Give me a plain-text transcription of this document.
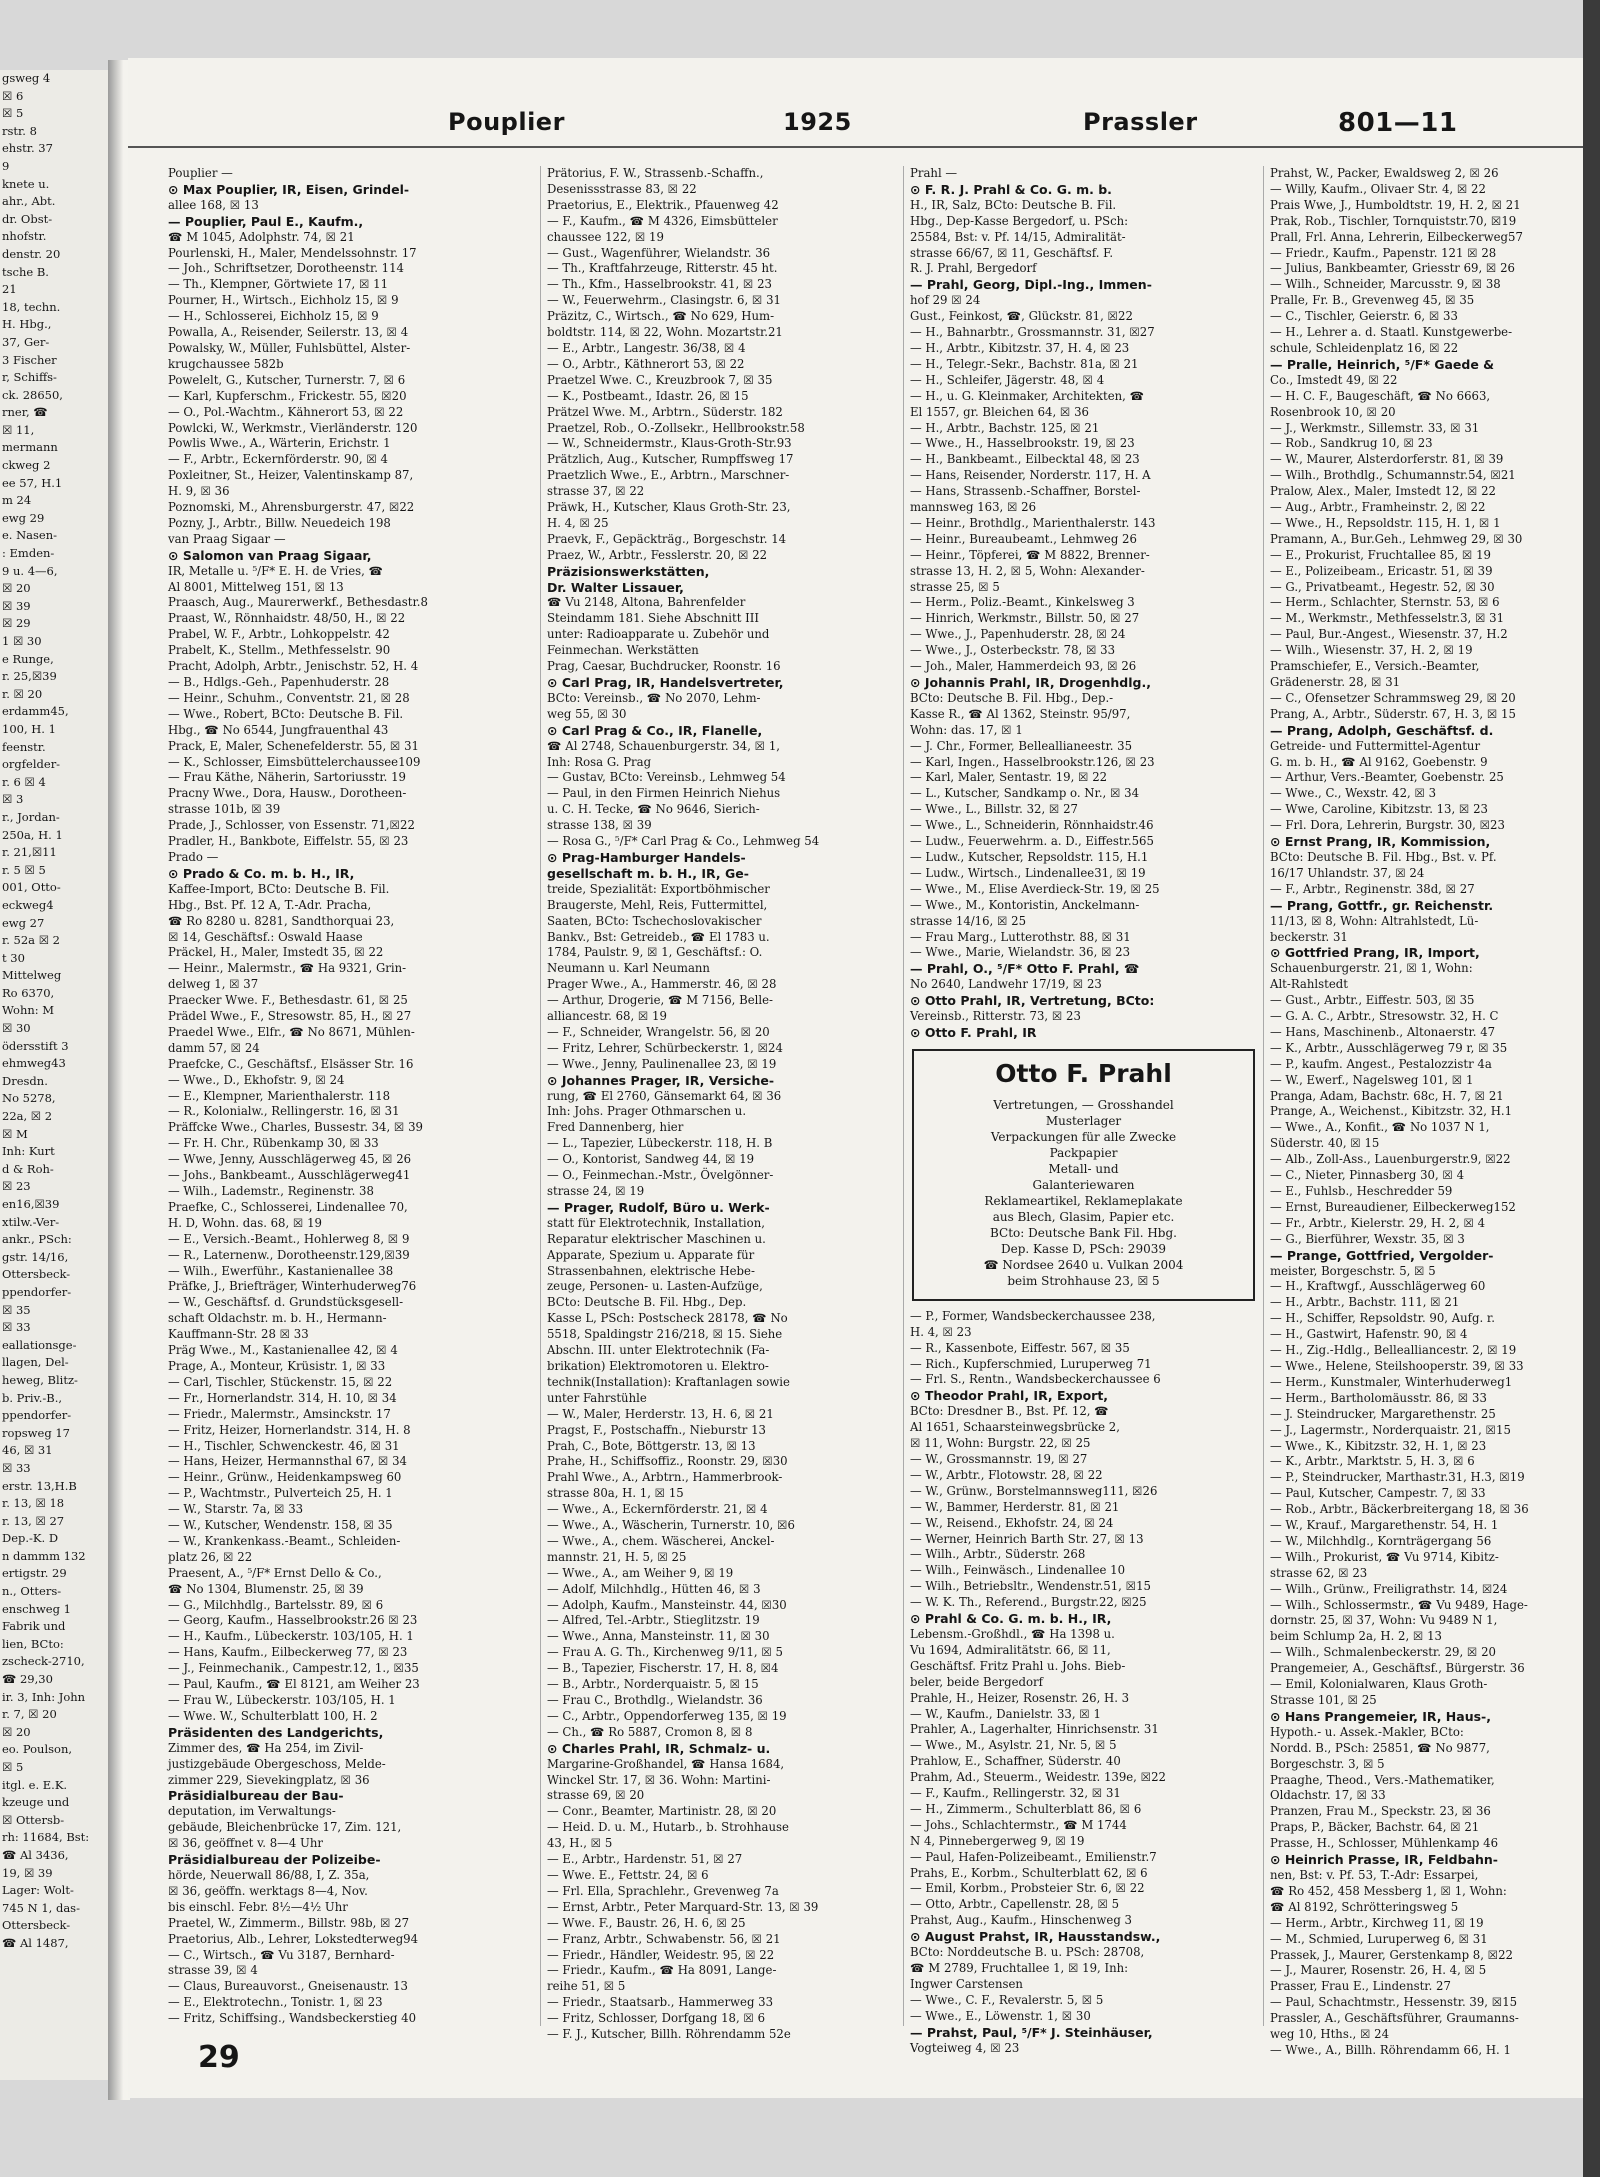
gsweg 4
☒ 6
☒ 5
rstr. 8
ehstr. 37
9
knete u.
ahr., Abt.
dr. Obst-
nhofstr.
denstr. 20
tsche B.
21
18, techn.
H. Hbg.,
37, Ger-
3 Fischer
r, Schiffs-
ck. 28650,
rner, ☎
☒ 11,
mermann
ckweg 2
ee 57, H.1
m 24
ewg 29
e. Nasen-
: Emden-
9 u. 4—6,
☒ 20
☒ 39
☒ 29
1 ☒ 30
e Runge,
r. 25,☒39
r. ☒ 20
erdamm45,
100, H. 1
feenstr.
orgfelder-
r. 6 ☒ 4
☒ 3
r., Jordan-
250a, H. 1
r. 21,☒11
r. 5 ☒ 5
001, Otto-
eckweg4
ewg 27
r. 52a ☒ 2
t 30
Mittelweg
Ro 6370,
Wohn: M
☒ 30
ödersstift 3
ehmweg43
Dresdn.
No 5278,
22a, ☒ 2
☒ M
Inh: Kurt
d & Roh-
☒ 23
en16,☒39
xtilw.-Ver-
ankr., PSch:
gstr. 14/16,
Ottersbeck-
ppendorfer-
☒ 35
☒ 33
eallationsge-
llagen, Del-
heweg, Blitz-
b. Priv.-B.,
ppendorfer-
ropsweg 17
46, ☒ 31
☒ 33
erstr. 13,H.B
r. 13, ☒ 18
r. 13, ☒ 27
Dep.-K. D
n dammm 132
ertigstr. 29
n., Otters-
enschweg 1
Fabrik und
lien, BCto:
zscheck-2710,
☎ 29,30
ir. 3, Inh: John
r. 7, ☒ 20
☒ 20
eo. Poulson,
☒ 5
itgl. e. E.K.
kzeuge und
☒ Ottersb-
rh: 11684, Bst:
☎ Al 3436,
19, ☒ 39
Lager: Wolt-
745 N 1, das-
Ottersbeck-
☎ Al 1487,
Pouplier	1925	Prassler	801—11
Pouplier —
⊙ Max Pouplier, IR, Eisen, Grindel-
allee 168, ☒ 13
— Pouplier, Paul E., Kaufm.,
☎ M 1045, Adolphstr. 74, ☒ 21
Pourlenski, H., Maler, Mendelssohnstr. 17
— Joh., Schriftsetzer, Dorotheenstr. 114
— Th., Klempner, Görtwiete 17, ☒ 11
Pourner, H., Wirtsch., Eichholz 15, ☒ 9
— H., Schlosserei, Eichholz 15, ☒ 9
Powalla, A., Reisender, Seilerstr. 13, ☒ 4
Powalsky, W., Müller, Fuhlsbüttel, Alster-
krugchaussee 582b
Powelelt, G., Kutscher, Turnerstr. 7, ☒ 6
— Karl, Kupferschm., Frickestr. 55, ☒20
— O., Pol.-Wachtm., Kähnerort 53, ☒ 22
Powlcki, W., Werkmstr., Vierländerstr. 120
Powlis Wwe., A., Wärterin, Erichstr. 1
— F., Arbtr., Eckernförderstr. 90, ☒ 4
Poxleitner, St., Heizer, Valentinskamp 87,
H. 9, ☒ 36
Poznomski, M., Ahrensburgerstr. 47, ☒22
Pozny, J., Arbtr., Billw. Neuedeich 198
van Praag Sigaar —
⊙ Salomon van Praag Sigaar,
IR, Metalle u. ⁵/F* E. H. de Vries, ☎
Al 8001, Mittelweg 151, ☒ 13
Praasch, Aug., Maurerwerkf., Bethesdastr.8
Praast, W., Rönnhaidstr. 48/50, H., ☒ 22
Prabel, W. F., Arbtr., Lohkoppelstr. 42
Prabelt, K., Stellm., Methfesselstr. 90
Pracht, Adolph, Arbtr., Jenischstr. 52, H. 4
— B., Hdlgs.-Geh., Papenhuderstr. 28
— Heinr., Schuhm., Conventstr. 21, ☒ 28
— Wwe., Robert, BCto: Deutsche B. Fil.
Hbg., ☎ No 6544, Jungfrauenthal 43
Prack, E, Maler, Schenefelderstr. 55, ☒ 31
— K., Schlosser, Eimsbüttelerchaussee109
— Frau Käthe, Näherin, Sartoriusstr. 19
Pracny Wwe., Dora, Hausw., Dorotheen-
strasse 101b, ☒ 39
Prade, J., Schlosser, von Essenstr. 71,☒22
Pradler, H., Bankbote, Eiffelstr. 55, ☒ 23
Prado —
⊙ Prado & Co. m. b. H., IR,
Kaffee-Import, BCto: Deutsche B. Fil.
Hbg., Bst. Pf. 12 A, T.-Adr. Pracha,
☎ Ro 8280 u. 8281, Sandthorquai 23,
☒ 14, Geschäftsf.: Oswald Haase
Präckel, H., Maler, Imstedt 35, ☒ 22
— Heinr., Malermstr., ☎ Ha 9321, Grin-
delweg 1, ☒ 37
Praecker Wwe. F., Bethesdastr. 61, ☒ 25
Prädel Wwe., F., Stresowstr. 85, H., ☒ 27
Praedel Wwe., Elfr., ☎ No 8671, Mühlen-
damm 57, ☒ 24
Praefcke, C., Geschäftsf., Elsässer Str. 16
— Wwe., D., Ekhofstr. 9, ☒ 24
— E., Klempner, Marienthalerstr. 118
— R., Kolonialw., Rellingerstr. 16, ☒ 31
Präffcke Wwe., Charles, Bussestr. 34, ☒ 39
— Fr. H. Chr., Rübenkamp 30, ☒ 33
— Wwe, Jenny, Ausschlägerweg 45, ☒ 26
— Johs., Bankbeamt., Ausschlägerweg41
— Wilh., Lademstr., Reginenstr. 38
Praefke, C., Schlosserei, Lindenallee 70,
H. D, Wohn. das. 68, ☒ 19
— E., Versich.-Beamt., Hohlerweg 8, ☒ 9
— R., Laternenw., Dorotheenstr.129,☒39
— Wilh., Ewerführ., Kastanienallee 38
Präfke, J., Briefträger, Winterhuderweg76
— W., Geschäftsf. d. Grundstücksgesell-
schaft Oldachstr. m. b. H., Hermann-
Kauffmann-Str. 28 ☒ 33
Präg Wwe., M., Kastanienallee 42, ☒ 4
Prage, A., Monteur, Krüsistr. 1, ☒ 33
— Carl, Tischler, Stückenstr. 15, ☒ 22
— Fr., Hornerlandstr. 314, H. 10, ☒ 34
— Friedr., Malermstr., Amsinckstr. 17
— Fritz, Heizer, Hornerlandstr. 314, H. 8
— H., Tischler, Schwenckestr. 46, ☒ 31
— Hans, Heizer, Hermannsthal 67, ☒ 34
— Heinr., Grünw., Heidenkampsweg 60
— P., Wachtmstr., Pulverteich 25, H. 1
— W., Starstr. 7a, ☒ 33
— W., Kutscher, Wendenstr. 158, ☒ 35
— W., Krankenkass.-Beamt., Schleiden-
platz 26, ☒ 22
Praesent, A., ⁵/F* Ernst Dello & Co.,
☎ No 1304, Blumenstr. 25, ☒ 39
— G., Milchhdlg., Bartelsstr. 89, ☒ 6
— Georg, Kaufm., Hasselbrookstr.26 ☒ 23
— H., Kaufm., Lübeckerstr. 103/105, H. 1
— Hans, Kaufm., Eilbeckerweg 77, ☒ 23
— J., Feinmechanik., Campestr.12, 1., ☒35
— Paul, Kaufm., ☎ El 8121, am Weiher 23
— Frau W., Lübeckerstr. 103/105, H. 1
— Wwe. W., Schulterblatt 100, H. 2
Präsidenten des Landgerichts,
Zimmer des, ☎ Ha 254, im Zivil-
justizgebäude Obergeschoss, Melde-
zimmer 229, Sievekingplatz, ☒ 36
Präsidialbureau der Bau-
deputation, im Verwaltungs-
gebäude, Bleichenbrücke 17, Zim. 121,
☒ 36, geöffnet v. 8—4 Uhr
Präsidialbureau der Polizeibe-
hörde, Neuerwall 86/88, I, Z. 35a,
☒ 36, geöffn. werktags 8—4, Nov.
bis einschl. Febr. 8½—4½ Uhr
Praetel, W., Zimmerm., Billstr. 98b, ☒ 27
Praetorius, Alb., Lehrer, Lokstedterweg94
— C., Wirtsch., ☎ Vu 3187, Bernhard-
strasse 39, ☒ 4
— Claus, Bureauvorst., Gneisenaustr. 13
— E., Elektrotechn., Tonistr. 1, ☒ 23
— Fritz, Schiffsing., Wandsbeckerstieg 40
Prätorius, F. W., Strassenb.-Schaffn.,
Desenissstrasse 83, ☒ 22
Praetorius, E., Elektrik., Pfauenweg 42
— F., Kaufm., ☎ M 4326, Eimsbütteler
chaussee 122, ☒ 19
— Gust., Wagenführer, Wielandstr. 36
— Th., Kraftfahrzeuge, Ritterstr. 45 ht.
— Th., Kfm., Hasselbrookstr. 41, ☒ 23
— W., Feuerwehrm., Clasingstr. 6, ☒ 31
Präzitz, C., Wirtsch., ☎ No 629, Hum-
boldtstr. 114, ☒ 22, Wohn. Mozartstr.21
— E., Arbtr., Langestr. 36/38, ☒ 4
— O., Arbtr., Käthnerort 53, ☒ 22
Praetzel Wwe. C., Kreuzbrook 7, ☒ 35
— K., Postbeamt., Idastr. 26, ☒ 15
Prätzel Wwe. M., Arbtrn., Süderstr. 182
Praetzel, Rob., O.-Zollsekr., Hellbrookstr.58
— W., Schneidermstr., Klaus-Groth-Str.93
Prätzlich, Aug., Kutscher, Rumpffsweg 17
Praetzlich Wwe., E., Arbtrn., Marschner-
strasse 37, ☒ 22
Präwk, H., Kutscher, Klaus Groth-Str. 23,
H. 4, ☒ 25
Praevk, F., Gepäckträg., Borgeschstr. 14
Praez, W., Arbtr., Fesslerstr. 20, ☒ 22
Präzisionswerkstätten,
Dr. Walter Lissauer,
☎ Vu 2148, Altona, Bahrenfelder
Steindamm 181. Siehe Abschnitt III
unter: Radioapparate u. Zubehör und
Feinmechan. Werkstätten
Prag, Caesar, Buchdrucker, Roonstr. 16
⊙ Carl Prag, IR, Handelsvertreter,
BCto: Vereinsb., ☎ No 2070, Lehm-
weg 55, ☒ 30
⊙ Carl Prag & Co., IR, Flanelle,
☎ Al 2748, Schauenburgerstr. 34, ☒ 1,
Inh: Rosa G. Prag
— Gustav, BCto: Vereinsb., Lehmweg 54
— Paul, in den Firmen Heinrich Niehus
u. C. H. Tecke, ☎ No 9646, Sierich-
strasse 138, ☒ 39
— Rosa G., ⁵/F* Carl Prag & Co., Lehmweg 54
⊙ Prag-Hamburger Handels-
gesellschaft m. b. H., IR, Ge-
treide, Spezialität: Exportböhmischer
Braugerste, Mehl, Reis, Futtermittel,
Saaten, BCto: Tschechoslovakischer
Bankv., Bst: Getreideb., ☎ El 1783 u.
1784, Paulstr. 9, ☒ 1, Geschäftsf.: O.
Neumann u. Karl Neumann
Prager Wwe., A., Hammerstr. 46, ☒ 28
— Arthur, Drogerie, ☎ M 7156, Belle-
alliancestr. 68, ☒ 19
— F., Schneider, Wrangelstr. 56, ☒ 20
— Fritz, Lehrer, Schürbeckerstr. 1, ☒24
— Wwe., Jenny, Paulinenallee 23, ☒ 19
⊙ Johannes Prager, IR, Versiche-
rung, ☎ El 2760, Gänsemarkt 64, ☒ 36
Inh: Johs. Prager Othmarschen u.
Fred Dannenberg, hier
— L., Tapezier, Lübeckerstr. 118, H. B
— O., Kontorist, Sandweg 44, ☒ 19
— O., Feinmechan.-Mstr., Övelgönner-
strasse 24, ☒ 19
— Prager, Rudolf, Büro u. Werk-
statt für Elektrotechnik, Installation,
Reparatur elektrischer Maschinen u.
Apparate, Spezium u. Apparate für
Strassenbahnen, elektrische Hebe-
zeuge, Personen- u. Lasten-Aufzüge,
BCto: Deutsche B. Fil. Hbg., Dep.
Kasse L, PSch: Postscheck 28178, ☎ No
5518, Spaldingstr 216/218, ☒ 15. Siehe
Abschn. III. unter Elektrotechnik (Fa-
brikation) Elektromotoren u. Elektro-
technik(Installation): Kraftanlagen sowie
unter Fahrstühle
— W., Maler, Herderstr. 13, H. 6, ☒ 21
Pragst, F., Postschaffn., Nieburstr 13
Prah, C., Bote, Böttgerstr. 13, ☒ 13
Prahe, H., Schiffsoffiz., Roonstr. 29, ☒30
Prahl Wwe., A., Arbtrn., Hammerbrook-
strasse 80a, H. 1, ☒ 15
— Wwe., A., Eckernförderstr. 21, ☒ 4
— Wwe., A., Wäscherin, Turnerstr. 10, ☒6
— Wwe., A., chem. Wäscherei, Anckel-
mannstr. 21, H. 5, ☒ 25
— Wwe., A., am Weiher 9, ☒ 19
— Adolf, Milchhdlg., Hütten 46, ☒ 3
— Adolph, Kaufm., Mansteinstr. 44, ☒30
— Alfred, Tel.-Arbtr., Stieglitzstr. 19
— Wwe., Anna, Mansteinstr. 11, ☒ 30
— Frau A. G. Th., Kirchenweg 9/11, ☒ 5
— B., Tapezier, Fischerstr. 17, H. 8, ☒4
— B., Arbtr., Norderquaistr. 5, ☒ 15
— Frau C., Brothdlg., Wielandstr. 36
— C., Arbtr., Oppendorferweg 135, ☒ 19
— Ch., ☎ Ro 5887, Cromon 8, ☒ 8
⊙ Charles Prahl, IR, Schmalz- u.
Margarine-Großhandel, ☎ Hansa 1684,
Winckel Str. 17, ☒ 36. Wohn: Martini-
strasse 69, ☒ 20
— Conr., Beamter, Martinistr. 28, ☒ 20
— Heid. D. u. M., Hutarb., b. Strohhause
43, H., ☒ 5
— E., Arbtr., Hardenstr. 51, ☒ 27
— Wwe. E., Fettstr. 24, ☒ 6
— Frl. Ella, Sprachlehr., Grevenweg 7a
— Ernst, Arbtr., Peter Marquard-Str. 13, ☒ 39
— Wwe. F., Baustr. 26, H. 6, ☒ 25
— Franz, Arbtr., Schwabenstr. 56, ☒ 21
— Friedr., Händler, Weidestr. 95, ☒ 22
— Friedr., Kaufm., ☎ Ha 8091, Lange-
reihe 51, ☒ 5
— Friedr., Staatsarb., Hammerweg 33
— Fritz, Schlosser, Dorfgang 18, ☒ 6
— F. J., Kutscher, Billh. Röhrendamm 52e
Prahl —
⊙ F. R. J. Prahl & Co. G. m. b.
H., IR, Salz, BCto: Deutsche B. Fil.
Hbg., Dep-Kasse Bergedorf, u. PSch:
25584, Bst: v. Pf. 14/15, Admiralität-
strasse 66/67, ☒ 11, Geschäftsf. F.
R. J. Prahl, Bergedorf
— Prahl, Georg, Dipl.-Ing., Immen-
hof 29 ☒ 24
Gust., Feinkost, ☎, Glückstr. 81, ☒22
— H., Bahnarbtr., Grossmannstr. 31, ☒27
— H., Arbtr., Kibitzstr. 37, H. 4, ☒ 23
— H., Telegr.-Sekr., Bachstr. 81a, ☒ 21
— H., Schleifer, Jägerstr. 48, ☒ 4
— H., u. G. Kleinmaker, Architekten, ☎
El 1557, gr. Bleichen 64, ☒ 36
— H., Arbtr., Bachstr. 125, ☒ 21
— Wwe., H., Hasselbrookstr. 19, ☒ 23
— H., Bankbeamt., Eilbecktal 48, ☒ 23
— Hans, Reisender, Norderstr. 117, H. A
— Hans, Strassenb.-Schaffner, Borstel-
mannsweg 163, ☒ 26
— Heinr., Brothdlg., Marienthalerstr. 143
— Heinr., Bureaubeamt., Lehmweg 26
— Heinr., Töpferei, ☎ M 8822, Brenner-
strasse 13, H. 2, ☒ 5, Wohn: Alexander-
strasse 25, ☒ 5
— Herm., Poliz.-Beamt., Kinkelsweg 3
— Hinrich, Werkmstr., Billstr. 50, ☒ 27
— Wwe., J., Papenhuderstr. 28, ☒ 24
— Wwe., J., Osterbeckstr. 78, ☒ 33
— Joh., Maler, Hammerdeich 93, ☒ 26
⊙ Johannis Prahl, IR, Drogenhdlg.,
BCto: Deutsche B. Fil. Hbg., Dep.-
Kasse R., ☎ Al 1362, Steinstr. 95/97,
Wohn: das. 17, ☒ 1
— J. Chr., Former, Belleallianeestr. 35
— Karl, Ingen., Hasselbrookstr.126, ☒ 23
— Karl, Maler, Sentastr. 19, ☒ 22
— L., Kutscher, Sandkamp o. Nr., ☒ 34
— Wwe., L., Billstr. 32, ☒ 27
— Wwe., L., Schneiderin, Rönnhaidstr.46
— Ludw., Feuerwehrm. a. D., Eiffestr.565
— Ludw., Kutscher, Repsoldstr. 115, H.1
— Ludw., Wirtsch., Lindenallee31, ☒ 19
— Wwe., M., Elise Averdieck-Str. 19, ☒ 25
— Wwe., M., Kontoristin, Anckelmann-
strasse 14/16, ☒ 25
— Frau Marg., Lutterothstr. 88, ☒ 31
— Wwe., Marie, Wielandstr. 36, ☒ 23
— Prahl, O., ⁵/F* Otto F. Prahl, ☎
No 2640, Landwehr 17/19, ☒ 23
⊙ Otto Prahl, IR, Vertretung, BCto:
Vereinsb., Ritterstr. 73, ☒ 23
⊙ Otto F. Prahl, IR
Otto F. Prahl
Vertretungen, — Grosshandel
Musterlager
Verpackungen für alle Zwecke
Packpapier
Metall- und
Galanteriewaren
Reklameartikel, Reklameplakate
aus Blech, Glasim, Papier etc.
BCto: Deutsche Bank Fil. Hbg.
Dep. Kasse D, PSch: 29039
☎ Nordsee 2640 u. Vulkan 2004
beim Strohhause 23, ☒ 5
— P., Former, Wandsbeckerchaussee 238,
H. 4, ☒ 23
— R., Kassenbote, Eiffestr. 567, ☒ 35
— Rich., Kupferschmied, Luruperweg 71
— Frl. S., Rentn., Wandsbeckerchaussee 6
⊙ Theodor Prahl, IR, Export,
BCto: Dresdner B., Bst. Pf. 12, ☎
Al 1651, Schaarsteinwegsbrücke 2,
☒ 11, Wohn: Burgstr. 22, ☒ 25
— W., Grossmannstr. 19, ☒ 27
— W., Arbtr., Flotowstr. 28, ☒ 22
— W., Grünw., Borstelmannsweg111, ☒26
— W., Bammer, Herderstr. 81, ☒ 21
— W., Reisend., Ekhofstr. 24, ☒ 24
— Werner, Heinrich Barth Str. 27, ☒ 13
— Wilh., Arbtr., Süderstr. 268
— Wilh., Feinwäsch., Lindenallee 10
— Wilh., Betriebsltr., Wendenstr.51, ☒15
— W. K. Th., Referend., Burgstr.22, ☒25
⊙ Prahl & Co. G. m. b. H., IR,
Lebensm.-Großhdl., ☎ Ha 1398 u.
Vu 1694, Admiralitätstr. 66, ☒ 11,
Geschäftsf. Fritz Prahl u. Johs. Bieb-
beler, beide Bergedorf
Prahle, H., Heizer, Rosenstr. 26, H. 3
— W., Kaufm., Danielstr. 33, ☒ 1
Prahler, A., Lagerhalter, Hinrichsenstr. 31
— Wwe., M., Asylstr. 21, Nr. 5, ☒ 5
Prahlow, E., Schaffner, Süderstr. 40
Prahm, Ad., Steuerm., Weidestr. 139e, ☒22
— F., Kaufm., Rellingerstr. 32, ☒ 31
— H., Zimmerm., Schulterblatt 86, ☒ 6
— Johs., Schlachtermstr., ☎ M 1744
N 4, Pinnebergerweg 9, ☒ 19
— Paul, Hafen-Polizeibeamt., Emilienstr.7
Prahs, E., Korbm., Schulterblatt 62, ☒ 6
— Emil, Korbm., Probsteier Str. 6, ☒ 22
— Otto, Arbtr., Capellenstr. 28, ☒ 5
Prahst, Aug., Kaufm., Hinschenweg 3
⊙ August Prahst, IR, Hausstandsw.,
BCto: Norddeutsche B. u. PSch: 28708,
☎ M 2789, Fruchtallee 1, ☒ 19, Inh:
Ingwer Carstensen
— Wwe., C. F., Revalerstr. 5, ☒ 5
— Wwe., E., Löwenstr. 1, ☒ 30
— Prahst, Paul, ⁵/F* J. Steinhäuser,
Vogteiweg 4, ☒ 23
Prahst, W., Packer, Ewaldsweg 2, ☒ 26
— Willy, Kaufm., Olivaer Str. 4, ☒ 22
Prais Wwe, J., Humboldtstr. 19, H. 2, ☒ 21
Prak, Rob., Tischler, Tornquiststr.70, ☒19
Prall, Frl. Anna, Lehrerin, Eilbeckerweg57
— Friedr., Kaufm., Papenstr. 121 ☒ 28
— Julius, Bankbeamter, Griesstr 69, ☒ 26
— Wilh., Schneider, Marcusstr. 9, ☒ 38
Pralle, Fr. B., Grevenweg 45, ☒ 35
— C., Tischler, Geierstr. 6, ☒ 33
— H., Lehrer a. d. Staatl. Kunstgewerbe-
schule, Schleidenplatz 16, ☒ 22
— Pralle, Heinrich, ⁵/F* Gaede &
Co., Imstedt 49, ☒ 22
— H. C. F., Baugeschäft, ☎ No 6663,
Rosenbrook 10, ☒ 20
— J., Werkmstr., Sillemstr. 33, ☒ 31
— Rob., Sandkrug 10, ☒ 23
— W., Maurer, Alsterdorferstr. 81, ☒ 39
— Wilh., Brothdlg., Schumannstr.54, ☒21
Pralow, Alex., Maler, Imstedt 12, ☒ 22
— Aug., Arbtr., Framheinstr. 2, ☒ 22
— Wwe., H., Repsoldstr. 115, H. 1, ☒ 1
Pramann, A., Bur.Geh., Lehmweg 29, ☒ 30
— E., Prokurist, Fruchtallee 85, ☒ 19
— E., Polizeibeam., Ericastr. 51, ☒ 39
— G., Privatbeamt., Hegestr. 52, ☒ 30
— Herm., Schlachter, Sternstr. 53, ☒ 6
— M., Werkmstr., Methfesselstr.3, ☒ 31
— Paul, Bur.-Angest., Wiesenstr. 37, H.2
— Wilh., Wiesenstr. 37, H. 2, ☒ 19
Pramschiefer, E., Versich.-Beamter,
Grädenerstr. 28, ☒ 31
— C., Ofensetzer Schrammsweg 29, ☒ 20
Prang, A., Arbtr., Süderstr. 67, H. 3, ☒ 15
— Prang, Adolph, Geschäftsf. d.
Getreide- und Futtermittel-Agentur
G. m. b. H., ☎ Al 9162, Goebenstr. 9
— Arthur, Vers.-Beamter, Goebenstr. 25
— Wwe., C., Wexstr. 42, ☒ 3
— Wwe, Caroline, Kibitzstr. 13, ☒ 23
— Frl. Dora, Lehrerin, Burgstr. 30, ☒23
⊙ Ernst Prang, IR, Kommission,
BCto: Deutsche B. Fil. Hbg., Bst. v. Pf.
16/17 Uhlandstr. 37, ☒ 24
— F., Arbtr., Reginenstr. 38d, ☒ 27
— Prang, Gottfr., gr. Reichenstr.
11/13, ☒ 8, Wohn: Altrahlstedt, Lü-
beckerstr. 31
⊙ Gottfried Prang, IR, Import,
Schauenburgerstr. 21, ☒ 1, Wohn:
Alt-Rahlstedt
— Gust., Arbtr., Eiffestr. 503, ☒ 35
— G. A. C., Arbtr., Stresowstr. 32, H. C
— Hans, Maschinenb., Altonaerstr. 47
— K., Arbtr., Ausschlägerweg 79 r, ☒ 35
— P., kaufm. Angest., Pestalozzistr 4a
— W., Ewerf., Nagelsweg 101, ☒ 1
Pranga, Adam, Bachstr. 68c, H. 7, ☒ 21
Prange, A., Weichenst., Kibitzstr. 32, H.1
— Wwe., A., Konfit., ☎ No 1037 N 1,
Süderstr. 40, ☒ 15
— Alb., Zoll-Ass., Lauenburgerstr.9, ☒22
— C., Nieter, Pinnasberg 30, ☒ 4
— E., Fuhlsb., Heschredder 59
— Ernst, Bureaudiener, Eilbeckerweg152
— Fr., Arbtr., Kielerstr. 29, H. 2, ☒ 4
— G., Bierführer, Wexstr. 35, ☒ 3
— Prange, Gottfried, Vergolder-
meister, Borgeschstr. 5, ☒ 5
— H., Kraftwgf., Ausschlägerweg 60
— H., Arbtr., Bachstr. 111, ☒ 21
— H., Schiffer, Repsoldstr. 90, Aufg. r.
— H., Gastwirt, Hafenstr. 90, ☒ 4
— H., Zig.-Hdlg., Bellealliancestr. 2, ☒ 19
— Wwe., Helene, Steilshooperstr. 39, ☒ 33
— Herm., Kunstmaler, Winterhuderweg1
— Herm., Bartholomäusstr. 86, ☒ 33
— J. Steindrucker, Margarethenstr. 25
— J., Lagermstr., Norderquaistr. 21, ☒15
— Wwe., K., Kibitzstr. 32, H. 1, ☒ 23
— K., Arbtr., Marktstr. 5, H. 3, ☒ 6
— P., Steindrucker, Marthastr.31, H.3, ☒19
— Paul, Kutscher, Campestr. 7, ☒ 33
— Rob., Arbtr., Bäckerbreitergang 18, ☒ 36
— W., Krauf., Margarethenstr. 54, H. 1
— W., Milchhdlg., Kornträgergang 56
— Wilh., Prokurist, ☎ Vu 9714, Kibitz-
strasse 62, ☒ 23
— Wilh., Grünw., Freiligrathstr. 14, ☒24
— Wilh., Schlossermstr., ☎ Vu 9489, Hage-
dornstr. 25, ☒ 37, Wohn: Vu 9489 N 1,
beim Schlump 2a, H. 2, ☒ 13
— Wilh., Schmalenbeckerstr. 29, ☒ 20
Prangemeier, A., Geschäftsf., Bürgerstr. 36
— Emil, Kolonialwaren, Klaus Groth-
Strasse 101, ☒ 25
⊙ Hans Prangemeier, IR, Haus-,
Hypoth.- u. Assek.-Makler, BCto:
Nordd. B., PSch: 25851, ☎ No 9877,
Borgeschstr. 3, ☒ 5
Praaghe, Theod., Vers.-Mathematiker,
Oldachstr. 17, ☒ 33
Pranzen, Frau M., Speckstr. 23, ☒ 36
Praps, P., Bäcker, Bachstr. 64, ☒ 21
Prasse, H., Schlosser, Mühlenkamp 46
⊙ Heinrich Prasse, IR, Feldbahn-
nen, Bst: v. Pf. 53, T.-Adr: Essarpei,
☎ Ro 452, 458 Messberg 1, ☒ 1, Wohn:
☎ Al 8192, Schrötteringsweg 5
— Herm., Arbtr., Kirchweg 11, ☒ 19
— M., Schmied, Luruperweg 6, ☒ 31
Prassek, J., Maurer, Gerstenkamp 8, ☒22
— J., Maurer, Rosenstr. 26, H. 4, ☒ 5
Prasser, Frau E., Lindenstr. 27
— Paul, Schachtmstr., Hessenstr. 39, ☒15
Prassler, A., Geschäftsführer, Graumanns-
weg 10, Hths., ☒ 24
— Wwe., A., Billh. Röhrendamm 66, H. 1
29
